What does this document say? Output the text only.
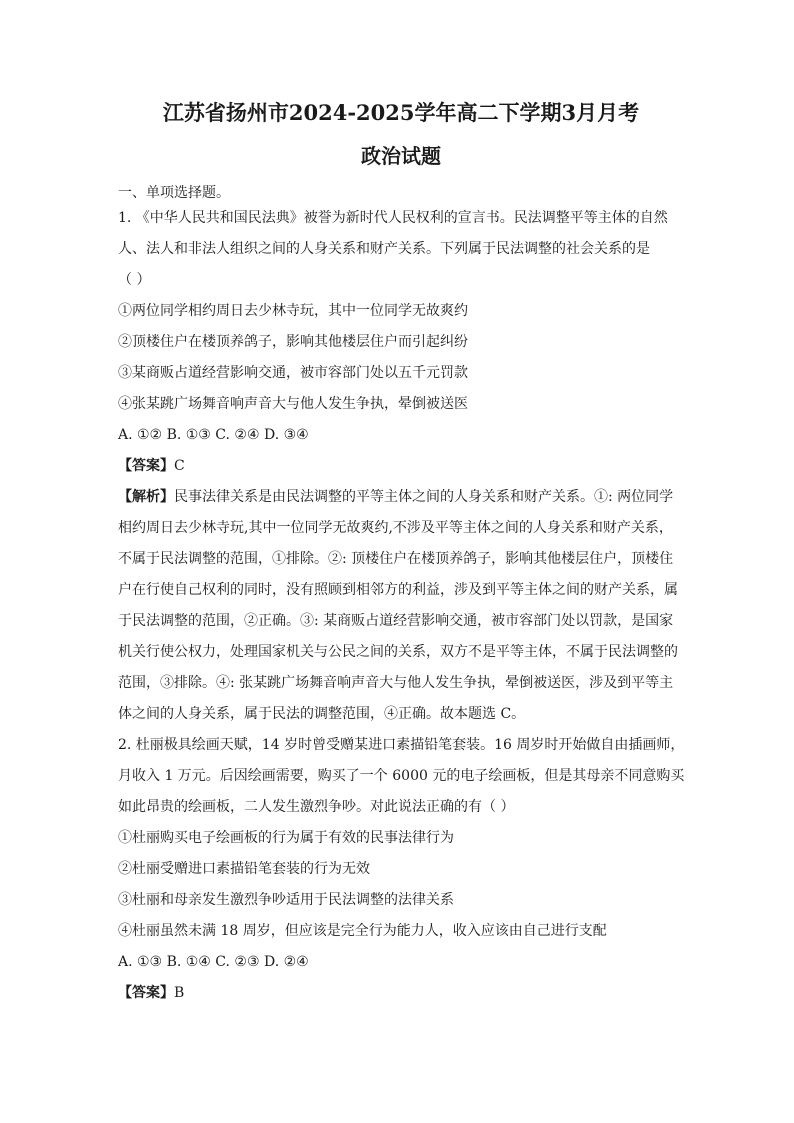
江苏省扬州市2024-2025学年高二下学期3月月考
政治试题
一、单项选择题。
1. 《中华人民共和国民法典》被誉为新时代人民权利的宣言书。民法调整平等主体的自然
人、法人和非法人组织之间的人身关系和财产关系。下列属于民法调整的社会关系的是
（ ）
①两位同学相约周日去少林寺玩，其中一位同学无故爽约
②顶楼住户在楼顶养鸽子，影响其他楼层住户而引起纠纷
③某商贩占道经营影响交通，被市容部门处以五千元罚款
④张某跳广场舞音响声音大与他人发生争执，晕倒被送医
A. ①② B. ①③ C. ②④ D. ③④
【答案】C
【解析】民事法律关系是由民法调整的平等主体之间的人身关系和财产关系。①: 两位同学
相约周日去少林寺玩,其中一位同学无故爽约,不涉及平等主体之间的人身关系和财产关系，
不属于民法调整的范围，①排除。②: 顶楼住户在楼顶养鸽子，影响其他楼层住户，顶楼住
户在行使自己权利的同时，没有照顾到相邻方的利益，涉及到平等主体之间的财产关系，属
于民法调整的范围，②正确。③: 某商贩占道经营影响交通，被市容部门处以罚款，是国家
机关行使公权力，处理国家机关与公民之间的关系，双方不是平等主体，不属于民法调整的
范围，③排除。④: 张某跳广场舞音响声音大与他人发生争执，晕倒被送医，涉及到平等主
体之间的人身关系，属于民法的调整范围，④正确。故本题选 C。
2. 杜丽极具绘画天赋，14 岁时曾受赠某进口素描铅笔套装。16 周岁时开始做自由插画师，
月收入 1 万元。后因绘画需要，购买了一个 6000 元的电子绘画板，但是其母亲不同意购买
如此昂贵的绘画板，二人发生激烈争吵。对此说法正确的有（ ）
①杜丽购买电子绘画板的行为属于有效的民事法律行为
②杜丽受赠进口素描铅笔套装的行为无效
③杜丽和母亲发生激烈争吵适用于民法调整的法律关系
④杜丽虽然未满 18 周岁，但应该是完全行为能力人，收入应该由自己进行支配
A. ①③ B. ①④ C. ②③ D. ②④
【答案】B
